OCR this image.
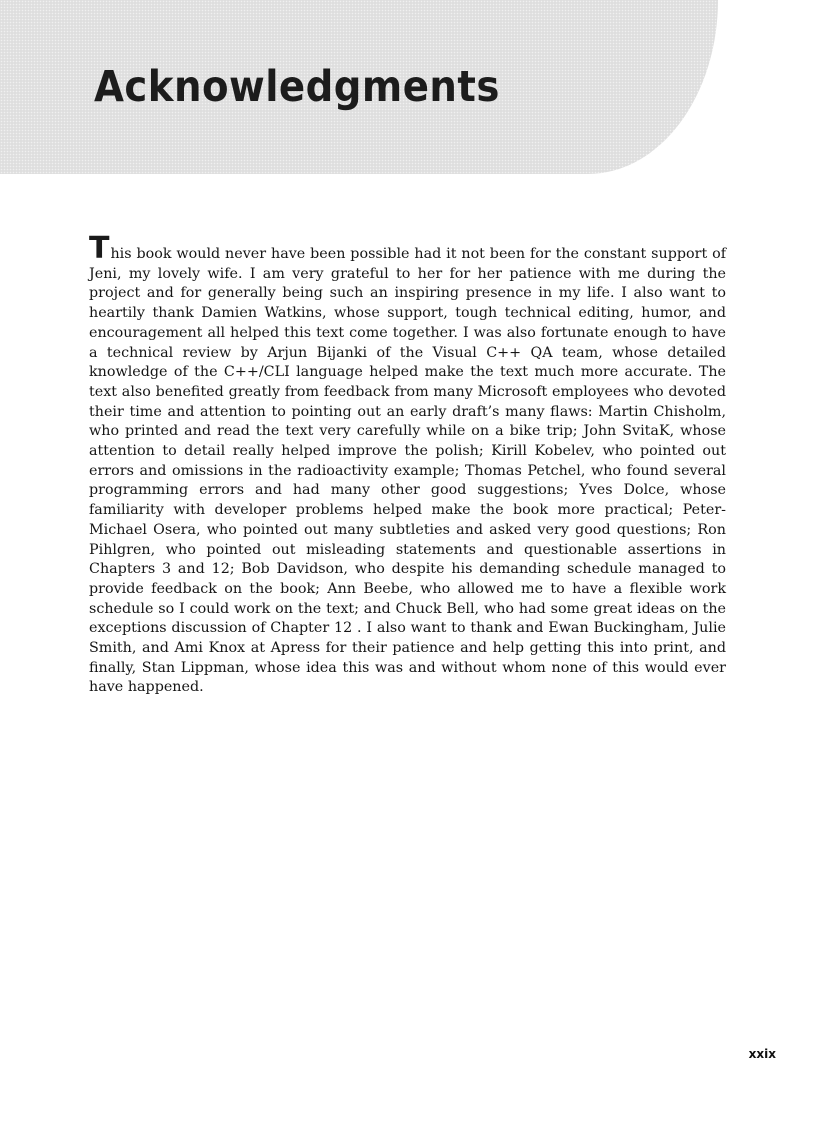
Acknowledgments

This book would never have been possible had it not been for the constant support of Jeni, my lovely wife. I am very grateful to her for her patience with me during the project and for generally being such an inspiring presence in my life. I also want to heartily thank Damien Watkins, whose support, tough technical editing, humor, and encouragement all helped this text come together. I was also fortunate enough to have a technical review by Arjun Bijanki of the Visual C++ QA team, whose detailed knowledge of the C++/CLI language helped make the text much more accurate. The text also benefited greatly from feedback from many Microsoft employees who devoted their time and attention to pointing out an early draft’s many flaws: Martin Chisholm, who printed and read the text very carefully while on a bike trip; John SvitaK, whose attention to detail really helped improve the polish; Kirill Kobelev, who pointed out errors and omissions in the radioactivity example; Thomas Petchel, who found several programming errors and had many other good suggestions; Yves Dolce, whose familiarity with developer problems helped make the book more practical; Peter-Michael Osera, who pointed out many subtleties and asked very good questions; Ron Pihlgren, who pointed out misleading statements and questionable assertions in Chapters 3 and 12; Bob Davidson, who despite his demanding schedule managed to provide feedback on the book; Ann Beebe, who allowed me to have a flexible work schedule so I could work on the text; and Chuck Bell, who had some great ideas on the exceptions discussion of Chapter 12 . I also want to thank and Ewan Buckingham, Julie Smith, and Ami Knox at Apress for their patience and help getting this into print, and finally, Stan Lippman, whose idea this was and without whom none of this would ever have happened.

xxix
